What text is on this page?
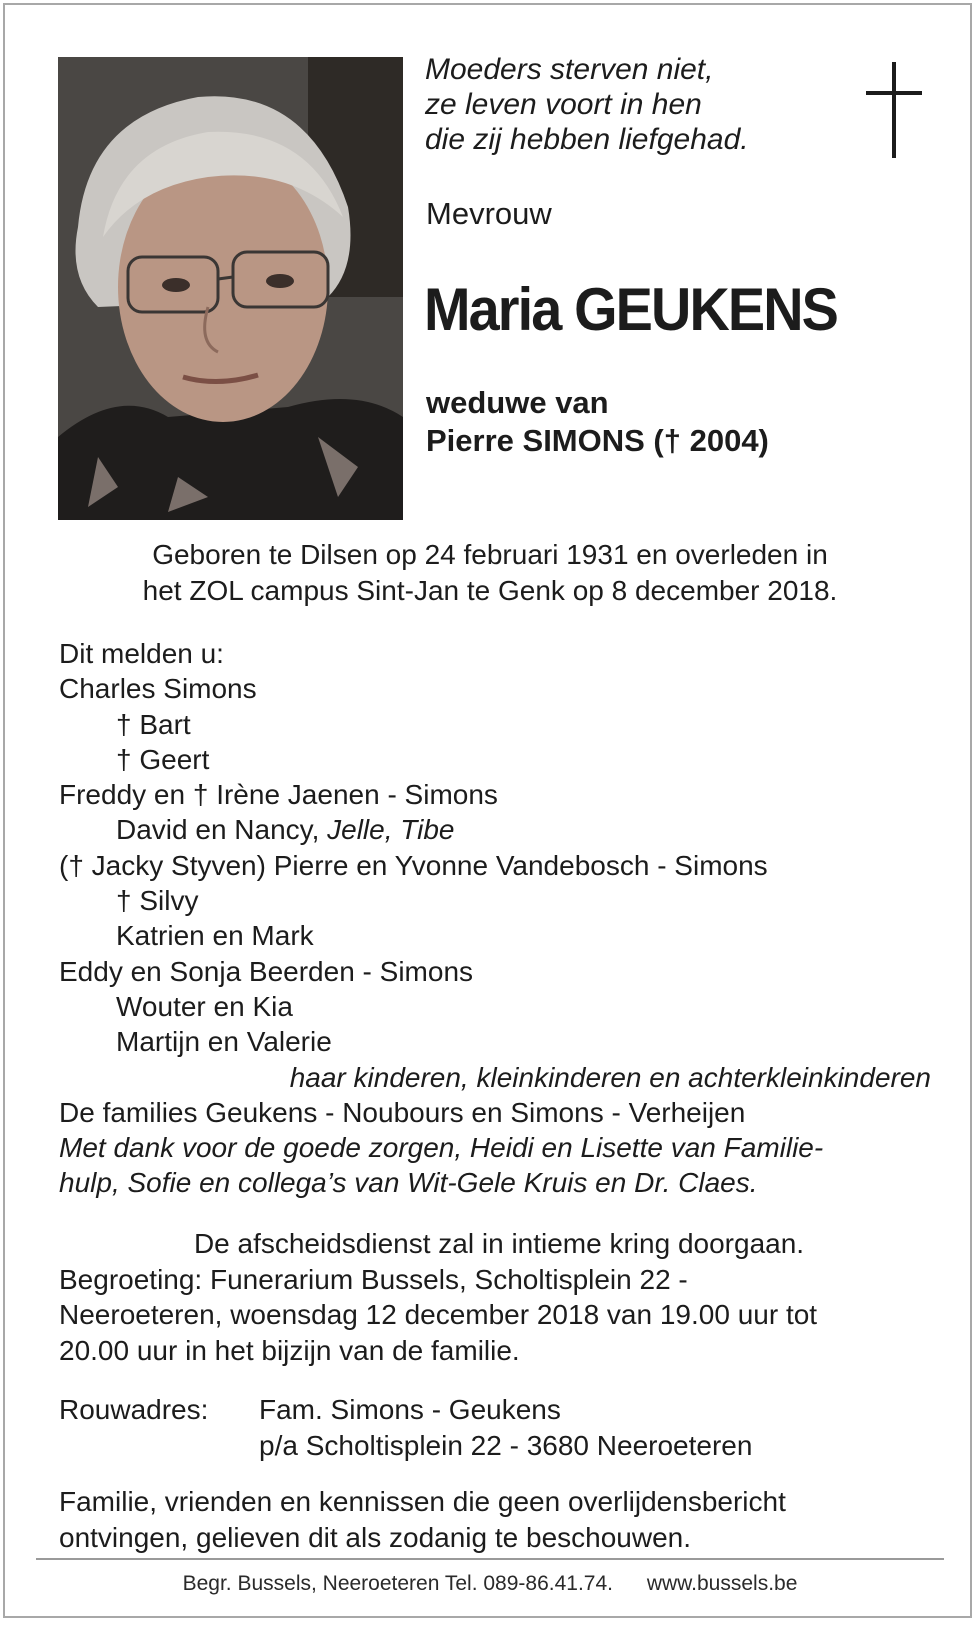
Moeders sterven niet,
ze leven voort in hen
die zij hebben liefgehad.
Mevrouw
Maria GEUKENS
weduwe van
Pierre SIMONS († 2004)
Geboren te Dilsen op 24 februari 1931 en overleden in
het ZOL campus Sint-Jan te Genk op 8 december 2018.
Dit melden u:
Charles Simons
† Bart
† Geert
Freddy en † Irène Jaenen - Simons
David en Nancy, Jelle, Tibe
(† Jacky Styven) Pierre en Yvonne Vandebosch - Simons
† Silvy
Katrien en Mark
Eddy en Sonja Beerden - Simons
Wouter en Kia
Martijn en Valerie
haar kinderen, kleinkinderen en achterkleinkinderen
De families Geukens - Noubours en Simons - Verheijen
Met dank voor de goede zorgen, Heidi en Lisette van Familie-
hulp, Sofie en collega’s van Wit-Gele Kruis en Dr. Claes.
De afscheidsdienst zal in intieme kring doorgaan.
Begroeting: Funerarium Bussels, Scholtisplein 22 -
Neeroeteren, woensdag 12 december 2018 van 19.00 uur tot
20.00 uur in het bijzijn van de familie.
Rouwadres: Fam. Simons - Geukens
p/a Scholtisplein 22 - 3680 Neeroeteren
Familie, vrienden en kennissen die geen overlijdensbericht
ontvingen, gelieven dit als zodanig te beschouwen.
Begr. Bussels, Neeroeteren Tel. 089-86.41.74. www.bussels.be
